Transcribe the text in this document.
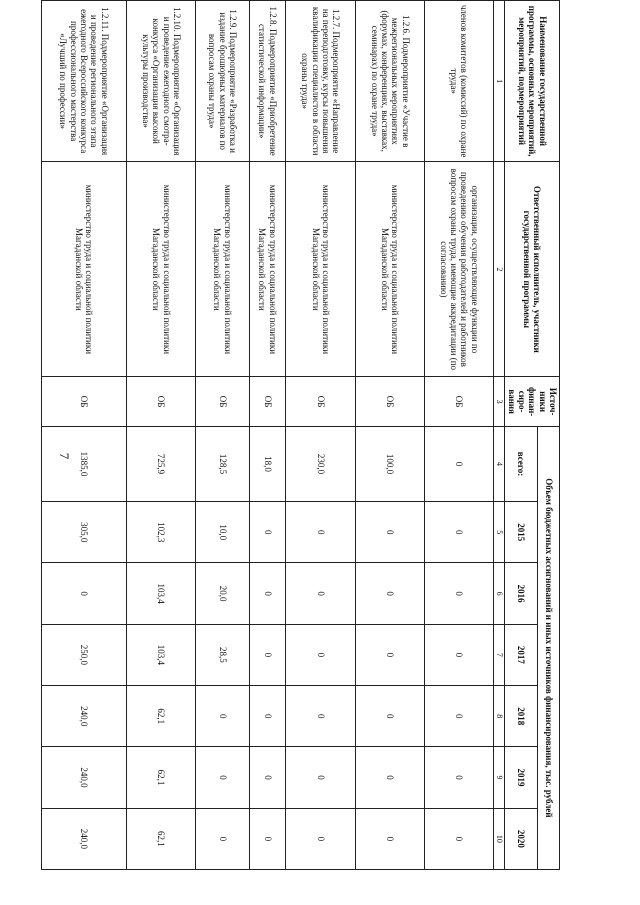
7
Наименование государственной программы, основных мероприятий, мероприятий, подмероприятий	Ответственный исполнитель, участники государственной программы	Источ-ники финан-сиро-вания	Объем бюджетных ассигнований и иных источников финансирования, тыс. рублей						
			всего:	2015	2016	2017	2018	2019	2020
1	2	3	4	5	6	7	8	9	10
членов комитетов (комиссий) по охране труда»	организации, осуществляющие функции по проведению обучения работодателей и работников вопросам охраны труда, имеющие аккредитации (по согласованию)	ОБ	0	0	0	0	0	0	0
1.2.6. Подмероприятие «Участие в межрегиональных мероприятиях (форумах, конференциях, выставках, семинарах) по охране труда»	министерство труда и социальной политики Магаданской области	ОБ	100,0	0	0	0	0	0	0
1.2.7. Подмероприятие «Направление на переподготовку, курсы повышения квалификации специалистов в области охраны труда»	министерство труда и социальной политики Магаданской области	ОБ	230,0	0	0	0	0	0	0
1.2.8. Подмероприятие «Приобретение статистической информации»	министерство труда и социальной политики Магаданской области	ОБ	18,0	0	0	0	0	0	0
1.2.9. Подмероприятие «Разработка и издание брошюрных материалов по вопросам охраны труда»	министерство труда и социальной политики Магаданской области	ОБ	128,5	10,0	20,0	28,5	0	0	0
1.2.10. Подмероприятие «Организация и проведение ежегодного смотра-конкурса «Организация высокой культуры производства»	министерство труда и социальной политики Магаданской области	ОБ	725,9	102,3	103,4	103,4	62,1	62,1	62,1
1.2.11. Подмероприятие «Организация и проведение регионального этапа ежегодного Всероссийского конкурса профессионального мастерства «Лучший по профессии»	министерство труда и социальной политики Магаданской области	ОБ	1385,0	305,0	0	250,0	240,0	240,0	240,0
